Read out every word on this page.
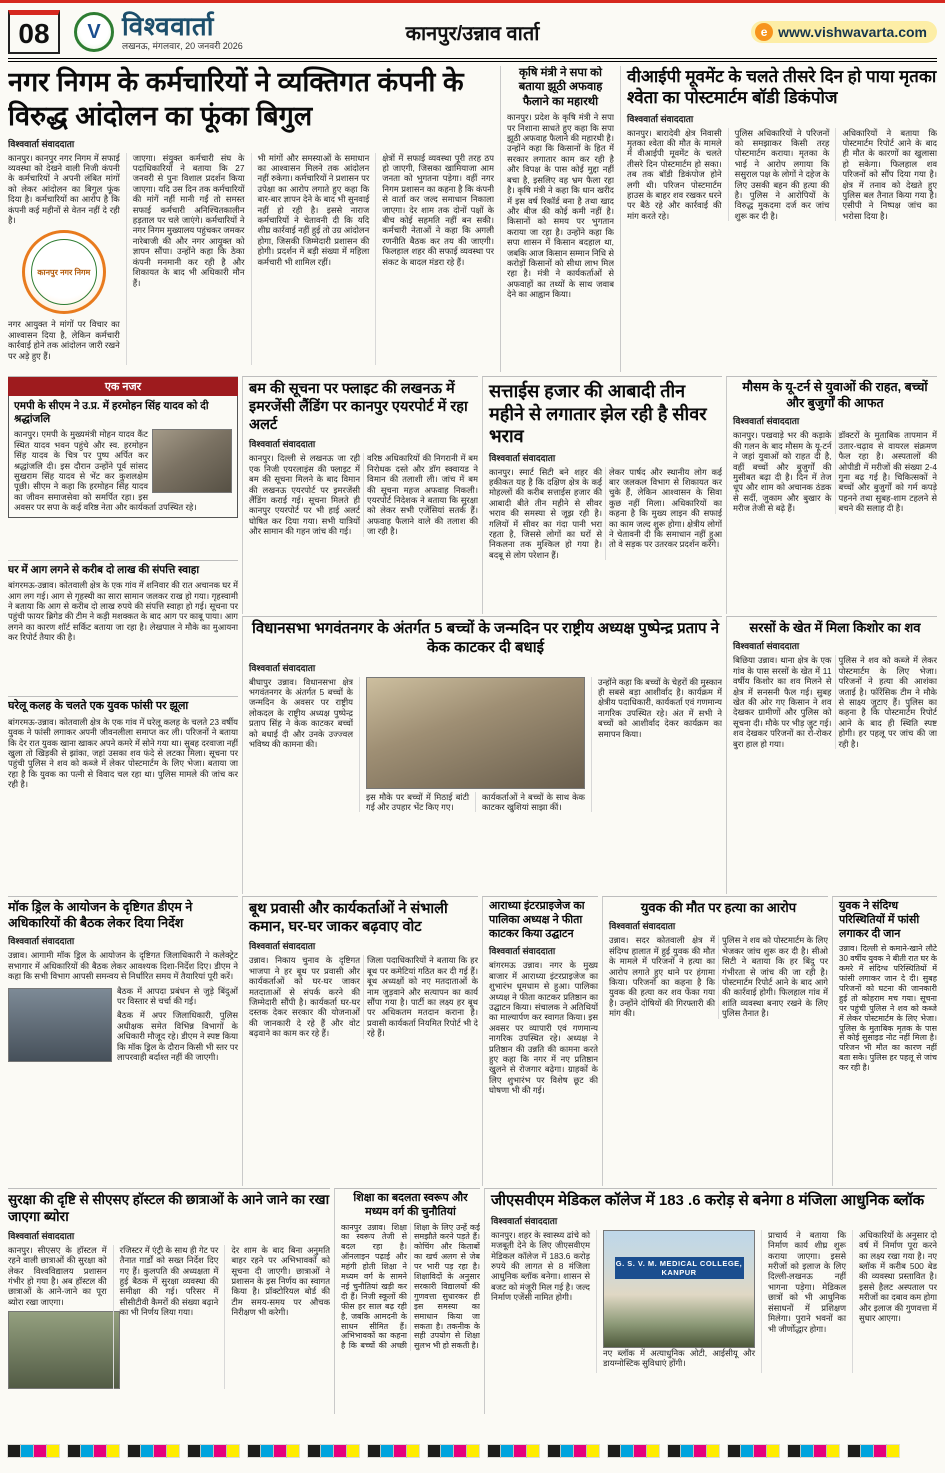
08	V विश्ववार्ता
लखनऊ, मंगलवार, 20 जनवरी 2026
कानपुर/उन्नाव वार्ता	e www.vishwavarta.com
नगर निगम के कर्मचारियों ने व्यक्तिगत कंपनी के विरुद्ध आंदोलन का फूंका बिगुल
विश्ववार्ता संवाददाता

कानपुर। कानपुर नगर निगम में सफाई व्यवस्था को देखने वाली निजी कंपनी के कर्मचारियों ने अपनी लंबित मांगों को लेकर आंदोलन का बिगुल फूंक दिया है। कर्मचारियों का आरोप है कि कंपनी कई महीनों से वेतन नहीं दे रही है।

कानपुर नगर निगम

नगर आयुक्त ने मांगों पर विचार का आश्वासन दिया है, लेकिन कर्मचारी कार्रवाई होने तक आंदोलन जारी रखने पर अड़े हुए हैं।

जाएगा। संयुक्त कर्मचारी संघ के पदाधिकारियों ने बताया कि 27 जनवरी से पुनः विशाल प्रदर्शन किया जाएगा। यदि उस दिन तक कर्मचारियों की मांगें नहीं मानी गईं तो समस्त सफाई कर्मचारी अनिश्चितकालीन हड़ताल पर चले जाएंगे। कर्मचारियों ने नगर निगम मुख्यालय पहुंचकर जमकर नारेबाजी की और नगर आयुक्त को ज्ञापन सौंपा। उन्होंने कहा कि ठेका कंपनी मनमानी कर रही है और शिकायत के बाद भी अधिकारी मौन हैं।
भी मांगों और समस्याओं के समाधान का आश्वासन मिलने तक आंदोलन नहीं रुकेगा। कर्मचारियों ने प्रशासन पर उपेक्षा का आरोप लगाते हुए कहा कि बार-बार ज्ञापन देने के बाद भी सुनवाई नहीं हो रही है। इससे नाराज कर्मचारियों ने चेतावनी दी कि यदि शीघ्र कार्रवाई नहीं हुई तो उग्र आंदोलन होगा, जिसकी जिम्मेदारी प्रशासन की होगी। प्रदर्शन में बड़ी संख्या में महिला कर्मचारी भी शामिल रहीं।
क्षेत्रों में सफाई व्यवस्था पूरी तरह ठप हो जाएगी, जिसका खामियाजा आम जनता को भुगतना पड़ेगा। वहीं नगर निगम प्रशासन का कहना है कि कंपनी से वार्ता कर जल्द समाधान निकाला जाएगा। देर शाम तक दोनों पक्षों के बीच कोई सहमति नहीं बन सकी। कर्मचारी नेताओं ने कहा कि अगली रणनीति बैठक कर तय की जाएगी। फिलहाल शहर की सफाई व्यवस्था पर संकट के बादल मंडरा रहे हैं।
कृषि मंत्री ने सपा को बताया झूठी अफवाह फैलाने का महारथी
कानपुर। प्रदेश के कृषि मंत्री ने सपा पर निशाना साधते हुए कहा कि सपा झूठी अफवाह फैलाने की महारथी है। उन्होंने कहा कि किसानों के हित में सरकार लगातार काम कर रही है और विपक्ष के पास कोई मुद्दा नहीं बचा है, इसलिए वह भ्रम फैला रहा है। कृषि मंत्री ने कहा कि धान खरीद में इस वर्ष रिकॉर्ड बना है तथा खाद और बीज की कोई कमी नहीं है। किसानों को समय पर भुगतान कराया जा रहा है। उन्होंने कहा कि सपा शासन में किसान बदहाल था, जबकि आज किसान सम्मान निधि से करोड़ों किसानों को सीधा लाभ मिल रहा है। मंत्री ने कार्यकर्ताओं से अफवाहों का तथ्यों के साथ जवाब देने का आह्वान किया।
वीआईपी मूवमेंट के चलते तीसरे दिन हो पाया मृतका श्वेता का पोस्टमार्टम बॉडी डिकंपोज
विश्ववार्ता संवाददाता
कानपुर। बारादेवी क्षेत्र निवासी मृतका श्वेता की मौत के मामले में वीआईपी मूवमेंट के चलते तीसरे दिन पोस्टमार्टम हो सका। तब तक बॉडी डिकंपोज होने लगी थी। परिजन पोस्टमार्टम हाउस के बाहर शव रखकर धरने पर बैठे रहे और कार्रवाई की मांग करते रहे।
पुलिस अधिकारियों ने परिजनों को समझाकर किसी तरह पोस्टमार्टम कराया। मृतका के भाई ने आरोप लगाया कि ससुराल पक्ष के लोगों ने दहेज के लिए उसकी बहन की हत्या की है। पुलिस ने आरोपियों के विरुद्ध मुकदमा दर्ज कर जांच शुरू कर दी है।
अधिकारियों ने बताया कि पोस्टमार्टम रिपोर्ट आने के बाद ही मौत के कारणों का खुलासा हो सकेगा। फिलहाल शव परिजनों को सौंप दिया गया है। क्षेत्र में तनाव को देखते हुए पुलिस बल तैनात किया गया है। एसीपी ने निष्पक्ष जांच का भरोसा दिया है।
एक नजर
एमपी के सीएम ने उ.प्र. में हरमोहन सिंह यादव को दी श्रद्धांजलि
कानपुर। एमपी के मुख्यमंत्री मोहन यादव कैंट स्थित यादव भवन पहुंचे और स्व. हरमोहन सिंह यादव के चित्र पर पुष्प अर्पित कर श्रद्धांजलि दी। इस दौरान उन्होंने पूर्व सांसद सुखराम सिंह यादव से भेंट कर कुशलक्षेम पूछी। सीएम ने कहा कि हरमोहन सिंह यादव का जीवन समाजसेवा को समर्पित रहा। इस अवसर पर सपा के कई वरिष्ठ नेता और कार्यकर्ता उपस्थित रहे।
घर में आग लगने से करीब दो लाख की संपत्ति स्वाहा
बांगरमऊ-उन्नाव। कोतवाली क्षेत्र के एक गांव में शनिवार की रात अचानक घर में आग लग गई। आग से गृहस्थी का सारा सामान जलकर राख हो गया। गृहस्वामी ने बताया कि आग से करीब दो लाख रुपये की संपत्ति स्वाहा हो गई। सूचना पर पहुंची फायर ब्रिगेड की टीम ने कड़ी मशक्कत के बाद आग पर काबू पाया। आग लगने का कारण शॉर्ट सर्किट बताया जा रहा है। लेखपाल ने मौके का मुआयना कर रिपोर्ट तैयार की है।
घरेलू कलह के चलते एक युवक फांसी पर झूला
बांगरमऊ-उन्नाव। कोतवाली क्षेत्र के एक गांव में घरेलू कलह के चलते 23 वर्षीय युवक ने फांसी लगाकर अपनी जीवनलीला समाप्त कर ली। परिजनों ने बताया कि देर रात युवक खाना खाकर अपने कमरे में सोने गया था। सुबह दरवाजा नहीं खुला तो खिड़की से झांका, जहां उसका शव फंदे से लटका मिला। सूचना पर पहुंची पुलिस ने शव को कब्जे में लेकर पोस्टमार्टम के लिए भेजा। बताया जा रहा है कि युवक का पत्नी से विवाद चल रहा था। पुलिस मामले की जांच कर रही है।
बम की सूचना पर फ्लाइट की लखनऊ में इमरजेंसी लैंडिंग पर कानपुर एयरपोर्ट में रहा अलर्ट
विश्ववार्ता संवाददाता
कानपुर। दिल्ली से लखनऊ जा रही एक निजी एयरलाइंस की फ्लाइट में बम की सूचना मिलने के बाद विमान की लखनऊ एयरपोर्ट पर इमरजेंसी लैंडिंग कराई गई। सूचना मिलते ही कानपुर एयरपोर्ट पर भी हाई अलर्ट घोषित कर दिया गया। सभी यात्रियों और सामान की गहन जांच की गई।
वरिष्ठ अधिकारियों की निगरानी में बम निरोधक दस्ते और डॉग स्क्वायड ने विमान की तलाशी ली। जांच में बम की सूचना महज अफवाह निकली। एयरपोर्ट निदेशक ने बताया कि सुरक्षा को लेकर सभी एजेंसियां सतर्क हैं। अफवाह फैलाने वाले की तलाश की जा रही है।
सत्ताईस हजार की आबादी तीन महीने से लगातार झेल रही है सीवर भराव
विश्ववार्ता संवाददाता
कानपुर। स्मार्ट सिटी बने शहर की हकीकत यह है कि दक्षिण क्षेत्र के कई मोहल्लों की करीब सत्ताईस हजार की आबादी बीते तीन महीने से सीवर भराव की समस्या से जूझ रही है। गलियों में सीवर का गंदा पानी भरा रहता है, जिससे लोगों का घरों से निकलना तक मुश्किल हो गया है। बदबू से लोग परेशान हैं।
लेकर पार्षद और स्थानीय लोग कई बार जलकल विभाग से शिकायत कर चुके हैं, लेकिन आश्वासन के सिवा कुछ नहीं मिला। अधिकारियों का कहना है कि मुख्य लाइन की सफाई का काम जल्द शुरू होगा। क्षेत्रीय लोगों ने चेतावनी दी कि समाधान नहीं हुआ तो वे सड़क पर उतरकर प्रदर्शन करेंगे।
मौसम के यू-टर्न से युवाओं की राहत, बच्चों और बुजुर्गों की आफत
विश्ववार्ता संवाददाता
कानपुर। पखवाड़े भर की कड़ाके की गलन के बाद मौसम के यू-टर्न ने जहां युवाओं को राहत दी है, वहीं बच्चों और बुजुर्गों की मुसीबत बढ़ा दी है। दिन में तेज धूप और शाम को अचानक ठंडक से सर्दी, जुकाम और बुखार के मरीज तेजी से बढ़े हैं।
डॉक्टरों के मुताबिक तापमान में उतार-चढ़ाव से वायरल संक्रमण फैल रहा है। अस्पतालों की ओपीडी में मरीजों की संख्या 2-4 गुना बढ़ गई है। चिकित्सकों ने बच्चों और बुजुर्गों को गर्म कपड़े पहनने तथा सुबह-शाम टहलने से बचने की सलाह दी है।
विधानसभा भगवंतनगर के अंतर्गत 5 बच्चों के जन्मदिन पर राष्ट्रीय अध्यक्ष पुष्पेन्द्र प्रताप ने केक काटकर दी बधाई
विश्ववार्ता संवाददाता
बीघापुर उन्नाव। विधानसभा क्षेत्र भगवंतनगर के अंतर्गत 5 बच्चों के जन्मदिन के अवसर पर राष्ट्रीय लोकदल के राष्ट्रीय अध्यक्ष पुष्पेन्द्र प्रताप सिंह ने केक काटकर बच्चों को बधाई दी और उनके उज्ज्वल भविष्य की कामना की।
इस मौके पर बच्चों में मिठाई बांटी गई और उपहार भेंट किए गए।
कार्यकर्ताओं ने बच्चों के साथ केक काटकर खुशियां साझा कीं।
उन्होंने कहा कि बच्चों के चेहरों की मुस्कान ही सबसे बड़ा आशीर्वाद है। कार्यक्रम में क्षेत्रीय पदाधिकारी, कार्यकर्ता एवं गणमान्य नागरिक उपस्थित रहे। अंत में सभी ने बच्चों को आशीर्वाद देकर कार्यक्रम का समापन किया।
सरसों के खेत में मिला किशोर का शव
विश्ववार्ता संवाददाता
बिछिया उन्नाव। थाना क्षेत्र के एक गांव के पास सरसों के खेत में 11 वर्षीय किशोर का शव मिलने से क्षेत्र में सनसनी फैल गई। सुबह खेत की ओर गए किसान ने शव देखकर ग्रामीणों और पुलिस को सूचना दी। मौके पर भीड़ जुट गई। शव देखकर परिजनों का रो-रोकर बुरा हाल हो गया।
पुलिस ने शव को कब्जे में लेकर पोस्टमार्टम के लिए भेजा। परिजनों ने हत्या की आशंका जताई है। फॉरेंसिक टीम ने मौके से साक्ष्य जुटाए हैं। पुलिस का कहना है कि पोस्टमार्टम रिपोर्ट आने के बाद ही स्थिति स्पष्ट होगी। हर पहलू पर जांच की जा रही है।
मॉक ड्रिल के आयोजन के दृष्टिगत डीएम ने अधिकारियों की बैठक लेकर दिया निर्देश
विश्ववार्ता संवाददाता

उन्नाव। आगामी मॉक ड्रिल के आयोजन के दृष्टिगत जिलाधिकारी ने कलेक्ट्रेट सभागार में अधिकारियों की बैठक लेकर आवश्यक दिशा-निर्देश दिए। डीएम ने कहा कि सभी विभाग आपसी समन्वय से निर्धारित समय में तैयारियां पूरी करें।

बैठक में आपदा प्रबंधन से जुड़े बिंदुओं पर विस्तार से चर्चा की गई।

बैठक में अपर जिलाधिकारी, पुलिस अधीक्षक समेत विभिन्न विभागों के अधिकारी मौजूद रहे। डीएम ने स्पष्ट किया कि मॉक ड्रिल के दौरान किसी भी स्तर पर लापरवाही बर्दाश्त नहीं की जाएगी।

बूथ प्रवासी और कार्यकर्ताओं ने संभाली कमान, घर-घर जाकर बढ़वाए वोट
विश्ववार्ता संवाददाता
उन्नाव। निकाय चुनाव के दृष्टिगत भाजपा ने हर बूथ पर प्रवासी और कार्यकर्ताओं को घर-घर जाकर मतदाताओं से संपर्क करने की जिम्मेदारी सौंपी है। कार्यकर्ता घर-घर दस्तक देकर सरकार की योजनाओं की जानकारी दे रहे हैं और वोट बढ़वाने का काम कर रहे हैं।
जिला पदाधिकारियों ने बताया कि हर बूथ पर कमेटियां गठित कर दी गई हैं। बूथ अध्यक्षों को नए मतदाताओं के नाम जुड़वाने और सत्यापन का कार्य सौंपा गया है। पार्टी का लक्ष्य हर बूथ पर अधिकतम मतदान कराना है। प्रवासी कार्यकर्ता नियमित रिपोर्ट भी दे रहे हैं।
आराध्या इंटरप्राइजेज का पालिका अध्यक्ष ने फीता काटकर किया उद्घाटन
विश्ववार्ता संवाददाता
बांगरमऊ उन्नाव। नगर के मुख्य बाजार में आराध्या इंटरप्राइजेज का शुभारंभ धूमधाम से हुआ। पालिका अध्यक्ष ने फीता काटकर प्रतिष्ठान का उद्घाटन किया। संचालक ने अतिथियों का माल्यार्पण कर स्वागत किया। इस अवसर पर व्यापारी एवं गणमान्य नागरिक उपस्थित रहे। अध्यक्ष ने प्रतिष्ठान की उन्नति की कामना करते हुए कहा कि नगर में नए प्रतिष्ठान खुलने से रोजगार बढ़ेगा। ग्राहकों के लिए शुभारंभ पर विशेष छूट की घोषणा भी की गई।
युवक की मौत पर हत्या का आरोप
विश्ववार्ता संवाददाता
उन्नाव। सदर कोतवाली क्षेत्र में संदिग्ध हालात में हुई युवक की मौत के मामले में परिजनों ने हत्या का आरोप लगाते हुए थाने पर हंगामा किया। परिजनों का कहना है कि युवक की हत्या कर शव फेंका गया है। उन्होंने दोषियों की गिरफ्तारी की मांग की।
पुलिस ने शव को पोस्टमार्टम के लिए भेजकर जांच शुरू कर दी है। सीओ सिटी ने बताया कि हर बिंदु पर गंभीरता से जांच की जा रही है। पोस्टमार्टम रिपोर्ट आने के बाद आगे की कार्रवाई होगी। फिलहाल गांव में शांति व्यवस्था बनाए रखने के लिए पुलिस तैनात है।
युवक ने संदिग्ध परिस्थितियों में फांसी लगाकर दी जान
उन्नाव। दिल्ली से कमाने-खाने लौटे 30 वर्षीय युवक ने बीती रात घर के कमरे में संदिग्ध परिस्थितियों में फांसी लगाकर जान दे दी। सुबह परिजनों को घटना की जानकारी हुई तो कोहराम मच गया। सूचना पर पहुंची पुलिस ने शव को कब्जे में लेकर पोस्टमार्टम के लिए भेजा। पुलिस के मुताबिक मृतक के पास से कोई सुसाइड नोट नहीं मिला है। परिजन भी मौत का कारण नहीं बता सके। पुलिस हर पहलू से जांच कर रही है।
सुरक्षा की दृष्टि से सीएसए हॉस्टल की छात्राओं के आने जाने का रखा जाएगा ब्योरा
विश्ववार्ता संवाददाता

कानपुर। सीएसए के हॉस्टल में रहने वाली छात्राओं की सुरक्षा को लेकर विश्वविद्यालय प्रशासन गंभीर हो गया है। अब हॉस्टल की छात्राओं के आने-जाने का पूरा ब्योरा रखा जाएगा।

रजिस्टर में एंट्री के साथ ही गेट पर तैनात गार्डों को सख्त निर्देश दिए गए हैं। कुलपति की अध्यक्षता में हुई बैठक में सुरक्षा व्यवस्था की समीक्षा की गई। परिसर में सीसीटीवी कैमरों की संख्या बढ़ाने का भी निर्णय लिया गया।
देर शाम के बाद बिना अनुमति बाहर रहने पर अभिभावकों को सूचना दी जाएगी। छात्राओं ने प्रशासन के इस निर्णय का स्वागत किया है। प्रॉक्टोरियल बोर्ड की टीम समय-समय पर औचक निरीक्षण भी करेगी।
शिक्षा का बदलता स्वरूप और मध्यम वर्ग की चुनौतियां
कानपुर उन्नाव। शिक्षा का स्वरूप तेजी से बदल रहा है। ऑनलाइन पढ़ाई और महंगी होती शिक्षा ने मध्यम वर्ग के सामने नई चुनौतियां खड़ी कर दी हैं। निजी स्कूलों की फीस हर साल बढ़ रही है, जबकि आमदनी के साधन सीमित हैं। अभिभावकों का कहना है कि बच्चों की अच्छी शिक्षा के लिए उन्हें कई समझौते करने पड़ते हैं। कोचिंग और किताबों का खर्च अलग से जेब पर भारी पड़ रहा है। शिक्षाविदों के अनुसार सरकारी विद्यालयों की गुणवत्ता सुधारकर ही इस समस्या का समाधान किया जा सकता है। तकनीक के सही उपयोग से शिक्षा सुलभ भी हो सकती है।
जीएसवीएम मेडिकल कॉलेज में 183 .6 करोड़ से बनेगा 8 मंजिला आधुनिक ब्लॉक
विश्ववार्ता संवाददाता
कानपुर। शहर के स्वास्थ्य ढांचे को मजबूती देने के लिए जीएसवीएम मेडिकल कॉलेज में 183.6 करोड़ रुपये की लागत से 8 मंजिला आधुनिक ब्लॉक बनेगा। शासन से बजट को मंजूरी मिल गई है। जल्द निर्माण एजेंसी नामित होगी।
G. S. V. M. MEDICAL COLLEGE, KANPUR

नए ब्लॉक में अत्याधुनिक ओटी, आईसीयू और डायग्नोस्टिक सुविधाएं होंगी।

प्राचार्य ने बताया कि निर्माण कार्य शीघ्र शुरू कराया जाएगा। इससे मरीजों को इलाज के लिए दिल्ली-लखनऊ नहीं भागना पड़ेगा। मेडिकल छात्रों को भी आधुनिक संसाधनों में प्रशिक्षण मिलेगा। पुराने भवनों का भी जीर्णोद्धार होगा।
अधिकारियों के अनुसार दो वर्ष में निर्माण पूरा करने का लक्ष्य रखा गया है। नए ब्लॉक में करीब 500 बेड की व्यवस्था प्रस्तावित है। इससे हैलट अस्पताल पर मरीजों का दबाव कम होगा और इलाज की गुणवत्ता में सुधार आएगा।
